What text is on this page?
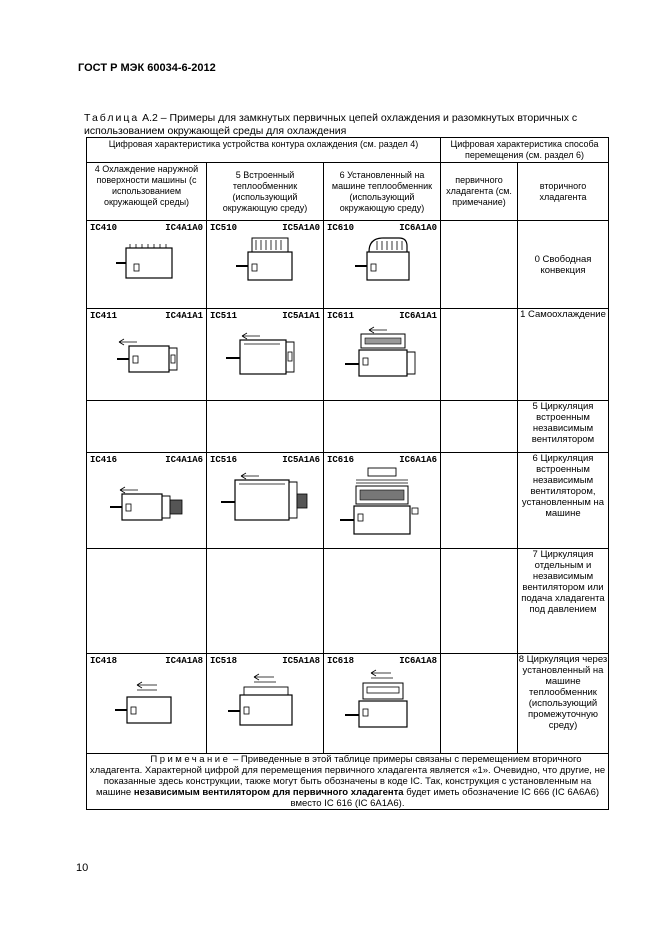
ГОСТ Р МЭК 60034-6-2012
Таблица А.2 – Примеры для замкнутых первичных цепей охлаждения и разомкнутых вторичных с использованием окружающей среды для охлаждения
Цифровая характеристика устройства контура охлаждения (см. раздел 4)			Цифровая характеристика способа перемещения (см. раздел 6)	
4 Охлаждение наружной поверхности машины (с использованием окружающей среды)	5 Встроенный теплообменник (использующий окружающую среду)	6 Установленный на машине теплообменник (использующий окружающую среду)	первичного хладагента (см. примечание)	вторичного хладагента

IC410 IC4A1A0	IC510 IC5A1A0	IC610 IC6A1A0		0 Свободная конвекция

IC411 IC4A1A1	IC511 IC5A1A1	IC611 IC6A1A1		1 Самоохлаждение
				5 Циркуляция встроенным независимым вентилятором

IC416 IC4A1A6	IC516 IC5A1A6	IC616 IC6A1A6		6 Циркуляция встроенным независимым вентилятором, установленным на машине
				7 Циркуляция отдельным и независимым вентилятором или подача хладагента под давлением

IC418 IC4A1A8	IC518 IC5A1A8	IC618 IC6A1A8		8 Циркуляция через установленный на машине теплообменник (использующий промежуточную среду)
Примечание – Приведенные в этой таблице примеры связаны с перемещением вторичного хладагента. Характерной цифрой для перемещения первичного хладагента является «1». Очевидно, что другие, не показанные здесь конструкции, также могут быть обозначены в коде IC. Так, конструкция с установленным на машине независимым вентилятором для первичного хладагента будет иметь обозначение IC 666 (IC 6A6A6) вместо IC 616 (IC 6A1A6).				
10
